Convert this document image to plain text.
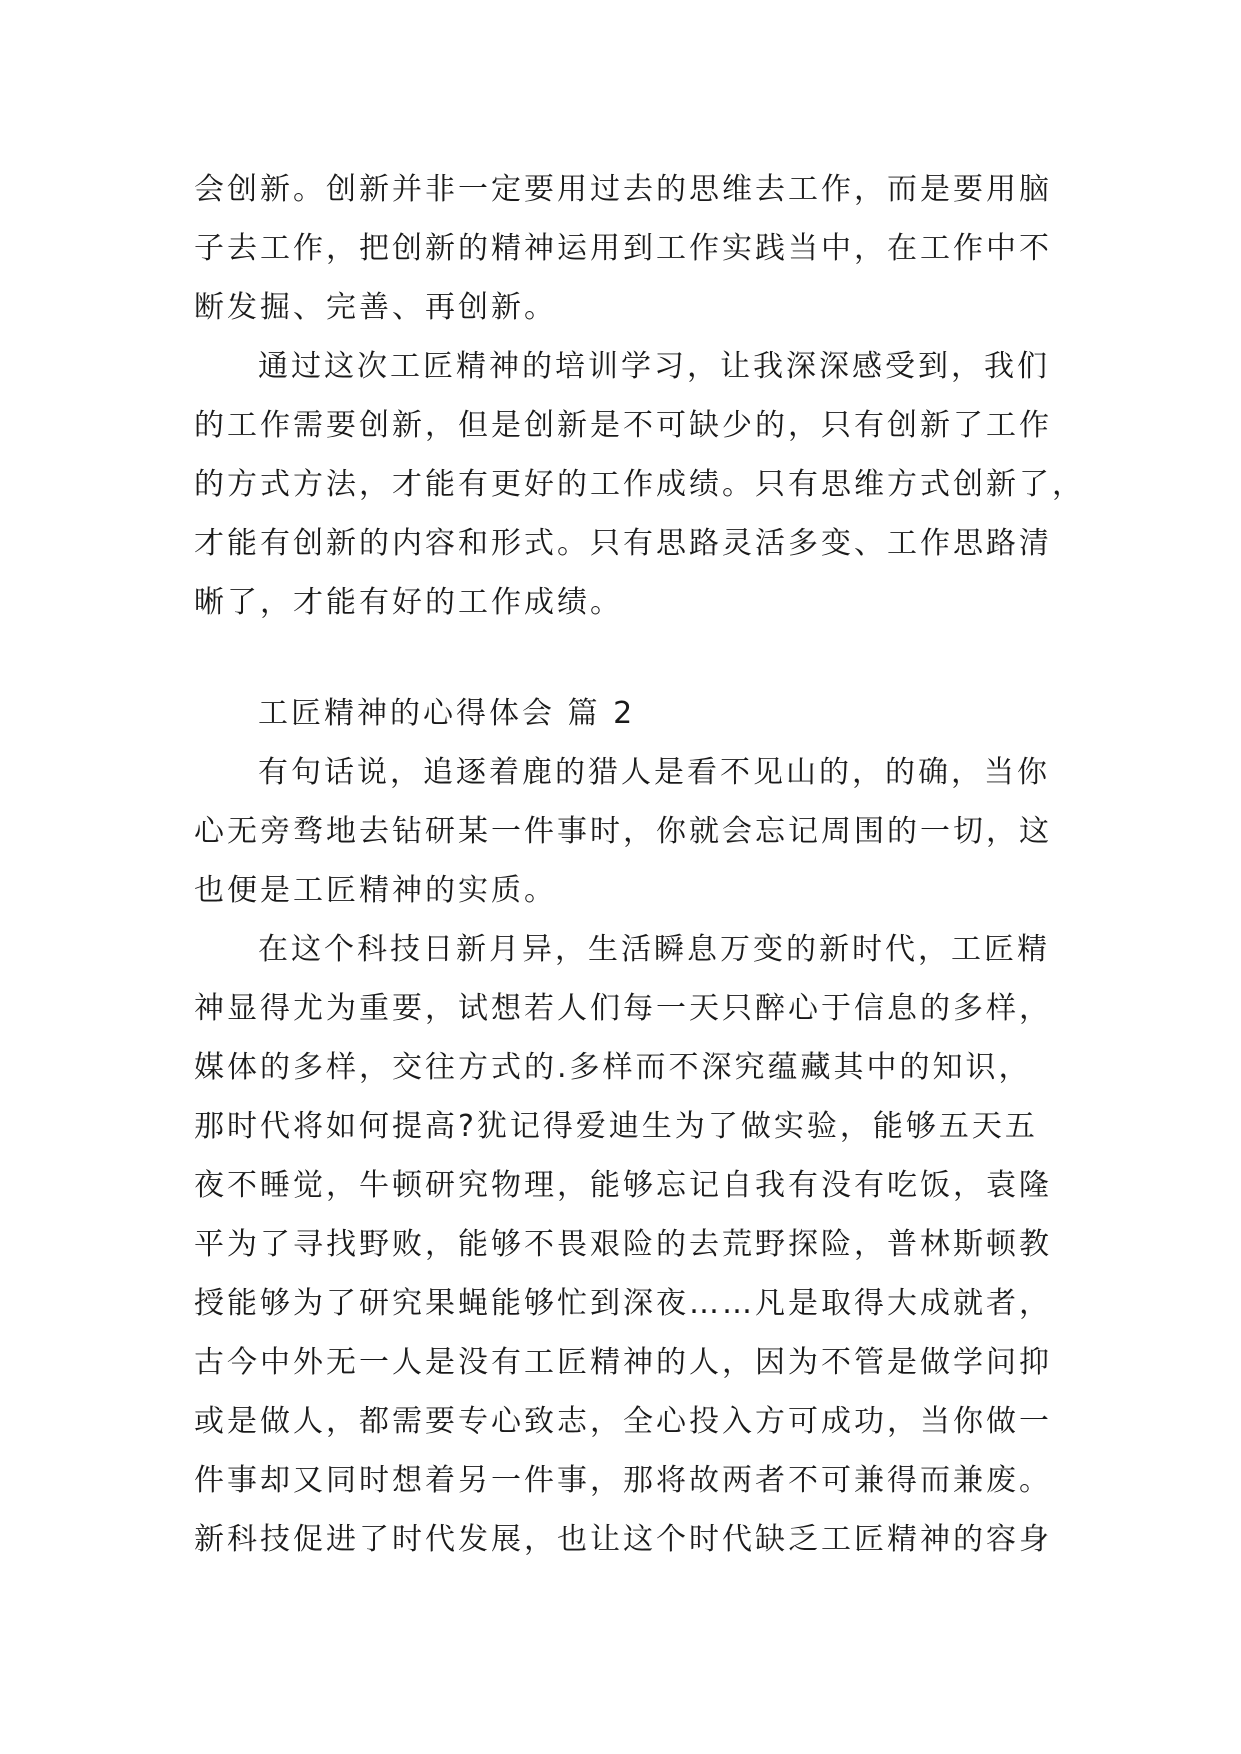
会创新。创新并非一定要用过去的思维去工作，而是要用脑
子去工作，把创新的精神运用到工作实践当中，在工作中不
断发掘、完善、再创新。
通过这次工匠精神的培训学习，让我深深感受到，我们
的工作需要创新，但是创新是不可缺少的，只有创新了工作
的方式方法，才能有更好的工作成绩。只有思维方式创新了，
才能有创新的内容和形式。只有思路灵活多变、工作思路清
晰了，才能有好的工作成绩。
工匠精神的心得体会 篇 2
有句话说，追逐着鹿的猎人是看不见山的，的确，当你
心无旁骛地去钻研某一件事时，你就会忘记周围的一切，这
也便是工匠精神的实质。
在这个科技日新月异，生活瞬息万变的新时代，工匠精
神显得尤为重要，试想若人们每一天只醉心于信息的多样，
媒体的多样，交往方式的.多样而不深究蕴藏其中的知识，
那时代将如何提高?犹记得爱迪生为了做实验，能够五天五
夜不睡觉，牛顿研究物理，能够忘记自我有没有吃饭，袁隆
平为了寻找野败，能够不畏艰险的去荒野探险，普林斯顿教
授能够为了研究果蝇能够忙到深夜……凡是取得大成就者，
古今中外无一人是没有工匠精神的人，因为不管是做学问抑
或是做人，都需要专心致志，全心投入方可成功，当你做一
件事却又同时想着另一件事，那将故两者不可兼得而兼废。
新科技促进了时代发展，也让这个时代缺乏工匠精神的容身
